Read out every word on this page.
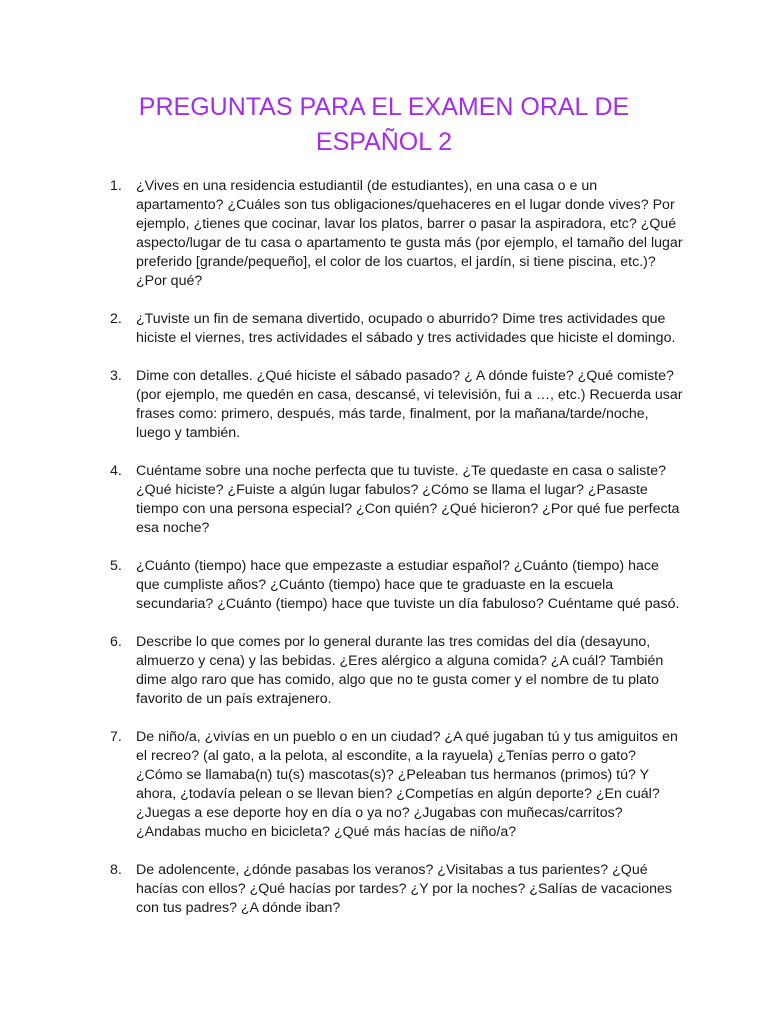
PREGUNTAS PARA EL EXAMEN ORAL DE
ESPAÑOL 2
1. ¿Vives en una residencia estudiantil (de estudiantes), en una casa o e un apartamento? ¿Cuáles son tus obligaciones/quehaceres en el lugar donde vives? Por ejemplo, ¿tienes que cocinar, lavar los platos, barrer o pasar la aspiradora, etc? ¿Qué aspecto/lugar de tu casa o apartamento te gusta más (por ejemplo, el tamaño del lugar preferido [grande/pequeño], el color de los cuartos, el jardín, si tiene piscina, etc.)? ¿Por qué?
2. ¿Tuviste un fin de semana divertido, ocupado o aburrido? Dime tres actividades que hiciste el viernes, tres actividades el sábado y tres actividades que hiciste el domingo.
3. Dime con detalles. ¿Qué hiciste el sábado pasado? ¿ A dónde fuiste? ¿Qué comiste? (por ejemplo, me quedén en casa, descansé, vi televisión, fui a …, etc.) Recuerda usar frases como: primero, después, más tarde, finalment, por la mañana/tarde/noche, luego y también.
4. Cuéntame sobre una noche perfecta que tu tuviste. ¿Te quedaste en casa o saliste? ¿Qué hiciste? ¿Fuiste a algún lugar fabulos? ¿Cómo se llama el lugar? ¿Pasaste tiempo con una persona especial? ¿Con quién? ¿Qué hicieron? ¿Por qué fue perfecta esa noche?
5. ¿Cuánto (tiempo) hace que empezaste a estudiar español? ¿Cuánto (tiempo) hace que cumpliste años? ¿Cuánto (tiempo) hace que te graduaste en la escuela secundaria? ¿Cuánto (tiempo) hace que tuviste un día fabuloso? Cuéntame qué pasó.
6. Describe lo que comes por lo general durante las tres comidas del día (desayuno, almuerzo y cena) y las bebidas. ¿Eres alérgico a alguna comida? ¿A cuál? También dime algo raro que has comido, algo que no te gusta comer y el nombre de tu plato favorito de un país extrajenero.
7. De niño/a, ¿vivías en un pueblo o en un ciudad? ¿A qué jugaban tú y tus amiguitos en el recreo? (al gato, a la pelota, al escondite, a la rayuela) ¿Tenías perro o gato? ¿Cómo se llamaba(n) tu(s) mascotas(s)? ¿Peleaban tus hermanos (primos) tú? Y ahora, ¿todavía pelean o se llevan bien? ¿Competías en algún deporte? ¿En cuál? ¿Juegas a ese deporte hoy en día o ya no? ¿Jugabas con muñecas/carritos? ¿Andabas mucho en bicicleta? ¿Qué más hacías de niño/a?
8. De adolencente, ¿dónde pasabas los veranos? ¿Visitabas a tus parientes? ¿Qué hacías con ellos? ¿Qué hacías por tardes? ¿Y por la noches? ¿Salías de vacaciones con tus padres? ¿A dónde iban?
